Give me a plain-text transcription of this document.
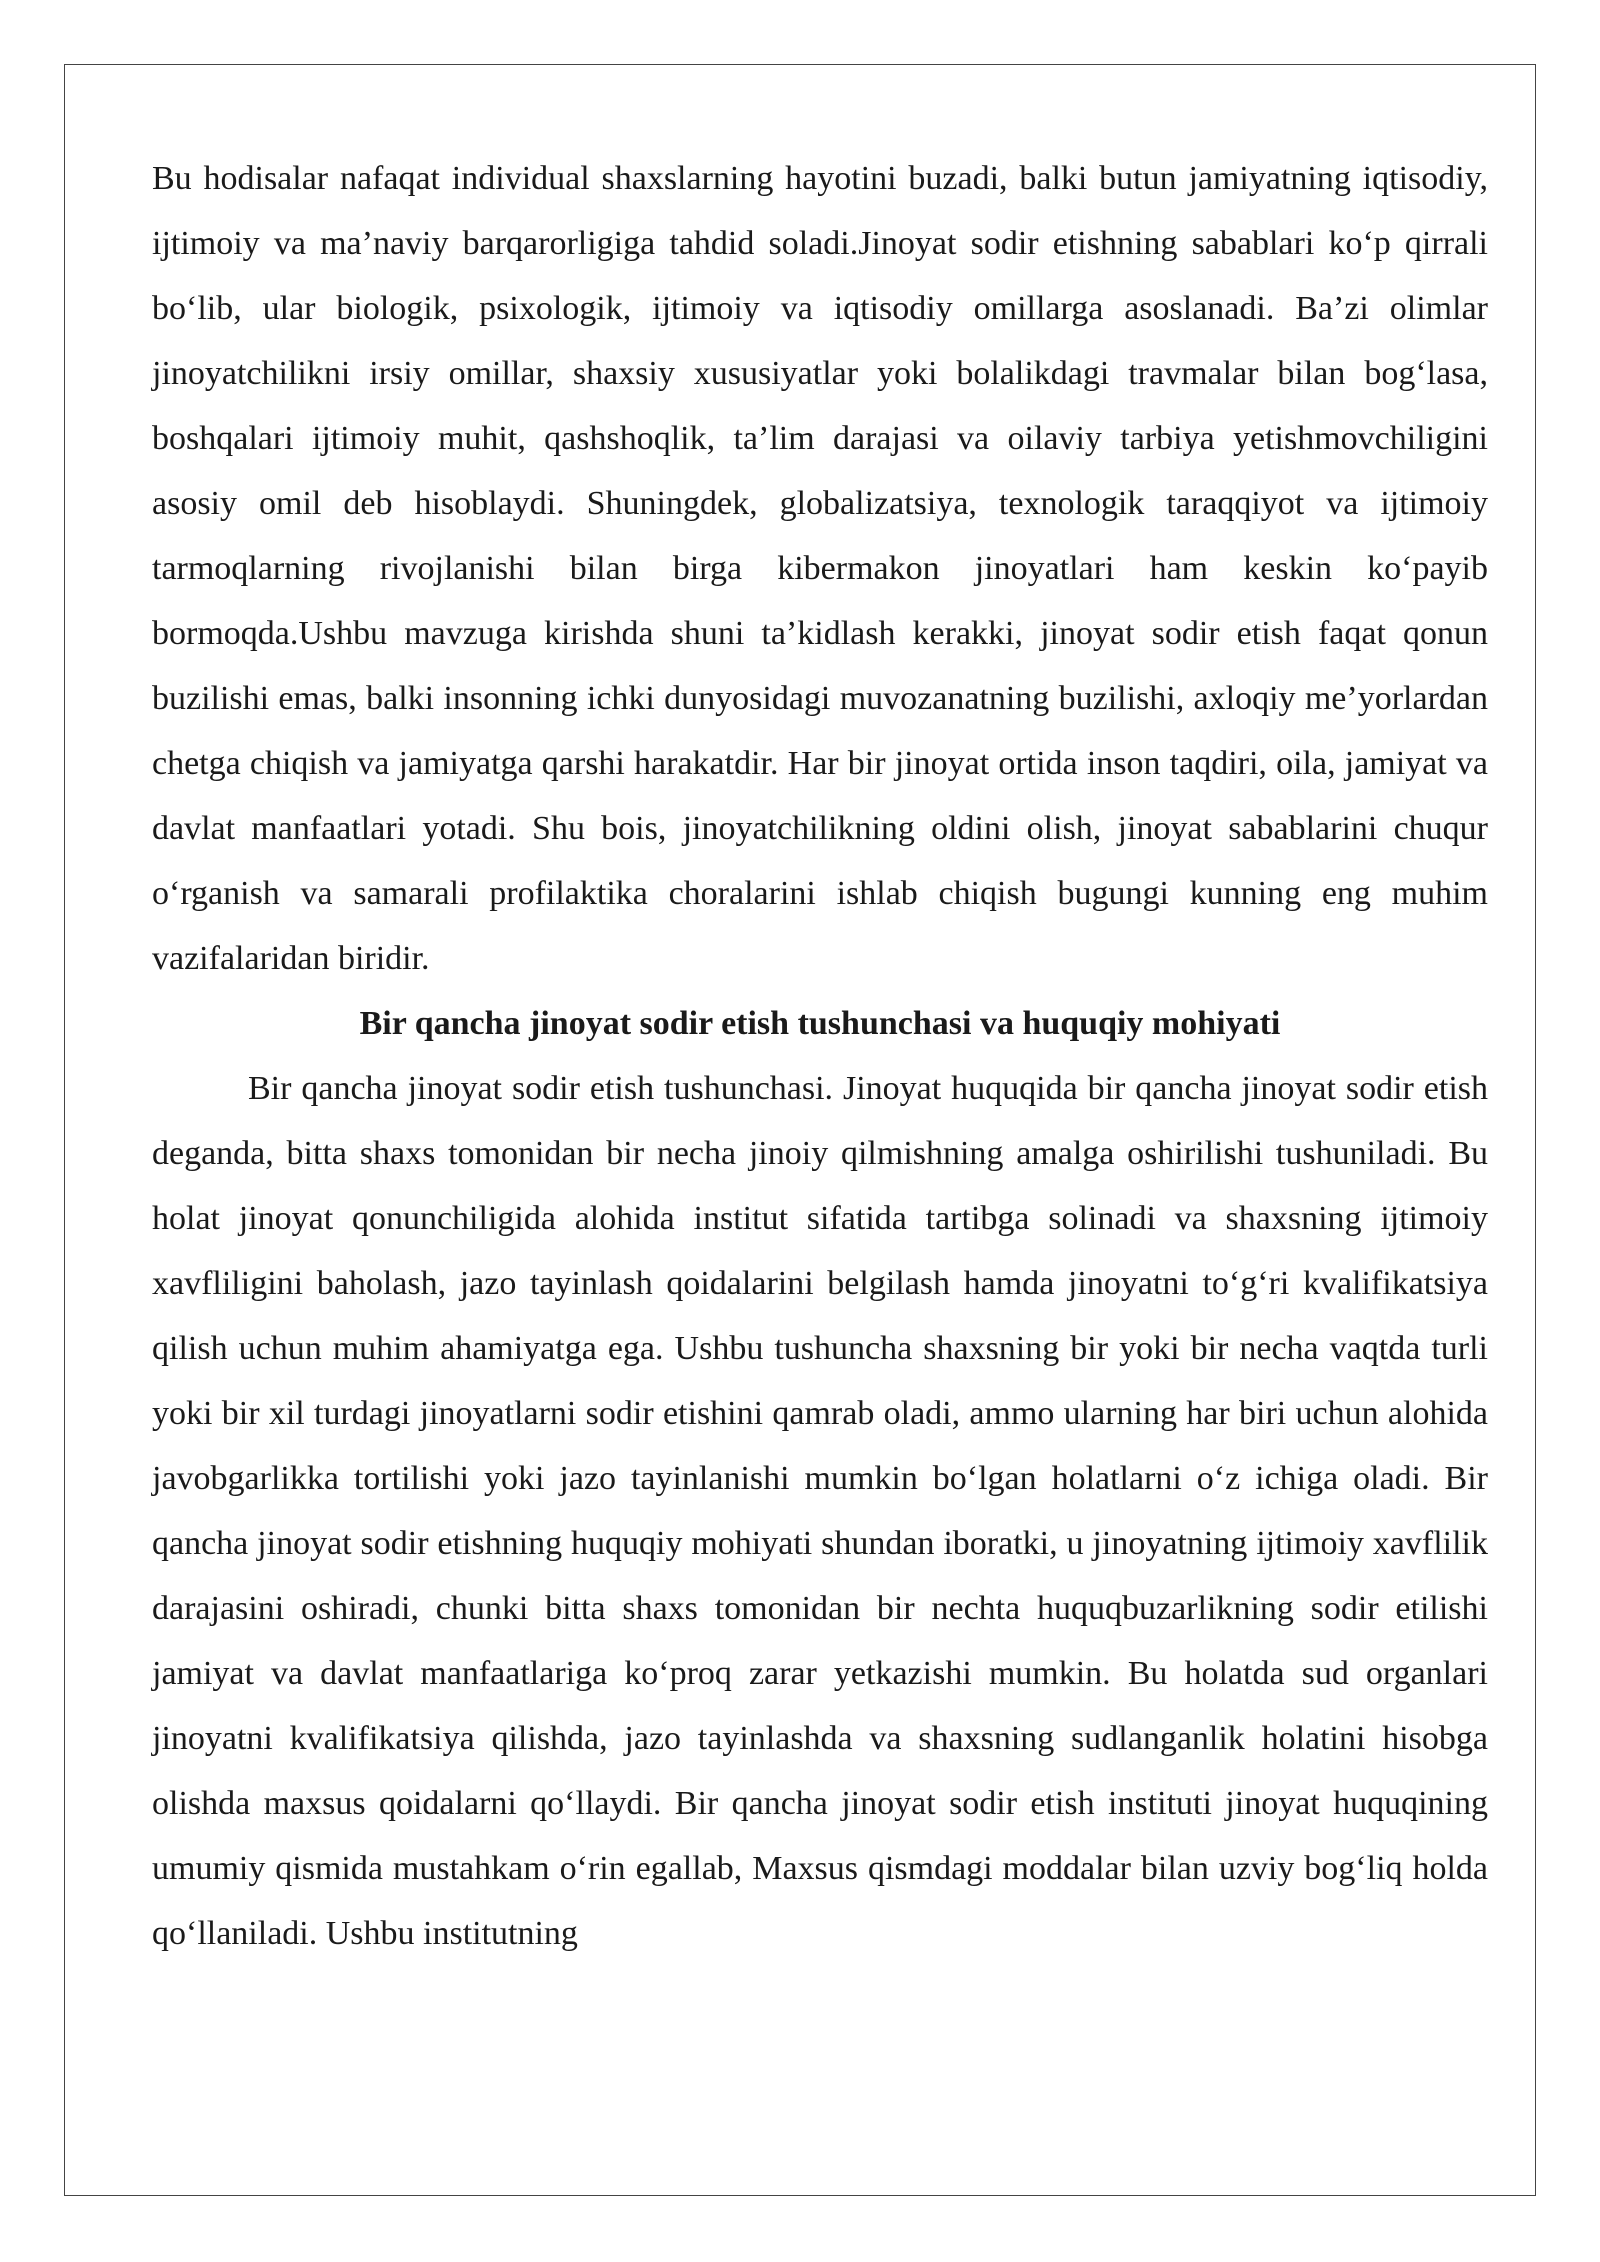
Bu hodisalar nafaqat individual shaxslarning hayotini buzadi, balki butun jamiyatning iqtisodiy, ijtimoiy va ma’naviy barqarorligiga tahdid soladi.Jinoyat sodir etishning sabablari ko‘p qirrali bo‘lib, ular biologik, psixologik, ijtimoiy va iqtisodiy omillarga asoslanadi. Ba’zi olimlar jinoyatchilikni irsiy omillar, shaxsiy xususiyatlar yoki bolalikdagi travmalar bilan bog‘lasa, boshqalari ijtimoiy muhit, qashshoqlik, ta’lim darajasi va oilaviy tarbiya yetishmovchiligini asosiy omil deb hisoblaydi. Shuningdek, globalizatsiya, texnologik taraqqiyot va ijtimoiy tarmoqlarning rivojlanishi bilan birga kibermakon jinoyatlari ham keskin ko‘payib bormoqda.Ushbu mavzuga kirishda shuni ta’kidlash kerakki, jinoyat sodir etish faqat qonun buzilishi emas, balki insonning ichki dunyosidagi muvozanatning buzilishi, axloqiy me’yorlardan chetga chiqish va jamiyatga qarshi harakatdir. Har bir jinoyat ortida inson taqdiri, oila, jamiyat va davlat manfaatlari yotadi. Shu bois, jinoyatchilikning oldini olish, jinoyat sabablarini chuqur o‘rganish va samarali profilaktika choralarini ishlab chiqish bugungi kunning eng muhim vazifalaridan biridir.

Bir qancha jinoyat sodir etish tushunchasi va huquqiy mohiyati

Bir qancha jinoyat sodir etish tushunchasi. Jinoyat huquqida bir qancha jinoyat sodir etish deganda, bitta shaxs tomonidan bir necha jinoiy qilmishning amalga oshirilishi tushuniladi. Bu holat jinoyat qonunchiligida alohida institut sifatida tartibga solinadi va shaxsning ijtimoiy xavfliligini baholash, jazo tayinlash qoidalarini belgilash hamda jinoyatni to‘g‘ri kvalifikatsiya qilish uchun muhim ahamiyatga ega. Ushbu tushuncha shaxsning bir yoki bir necha vaqtda turli yoki bir xil turdagi jinoyatlarni sodir etishini qamrab oladi, ammo ularning har biri uchun alohida javobgarlikka tortilishi yoki jazo tayinlanishi mumkin bo‘lgan holatlarni o‘z ichiga oladi. Bir qancha jinoyat sodir etishning huquqiy mohiyati shundan iboratki, u jinoyatning ijtimoiy xavflilik darajasini oshiradi, chunki bitta shaxs tomonidan bir nechta huquqbuzarlikning sodir etilishi jamiyat va davlat manfaatlariga ko‘proq zarar yetkazishi mumkin. Bu holatda sud organlari jinoyatni kvalifikatsiya qilishda, jazo tayinlashda va shaxsning sudlanganlik holatini hisobga olishda maxsus qoidalarni qo‘llaydi. Bir qancha jinoyat sodir etish instituti jinoyat huquqining umumiy qismida mustahkam o‘rin egallab, Maxsus qismdagi moddalar bilan uzviy bog‘liq holda qo‘llaniladi. Ushbu institutning
